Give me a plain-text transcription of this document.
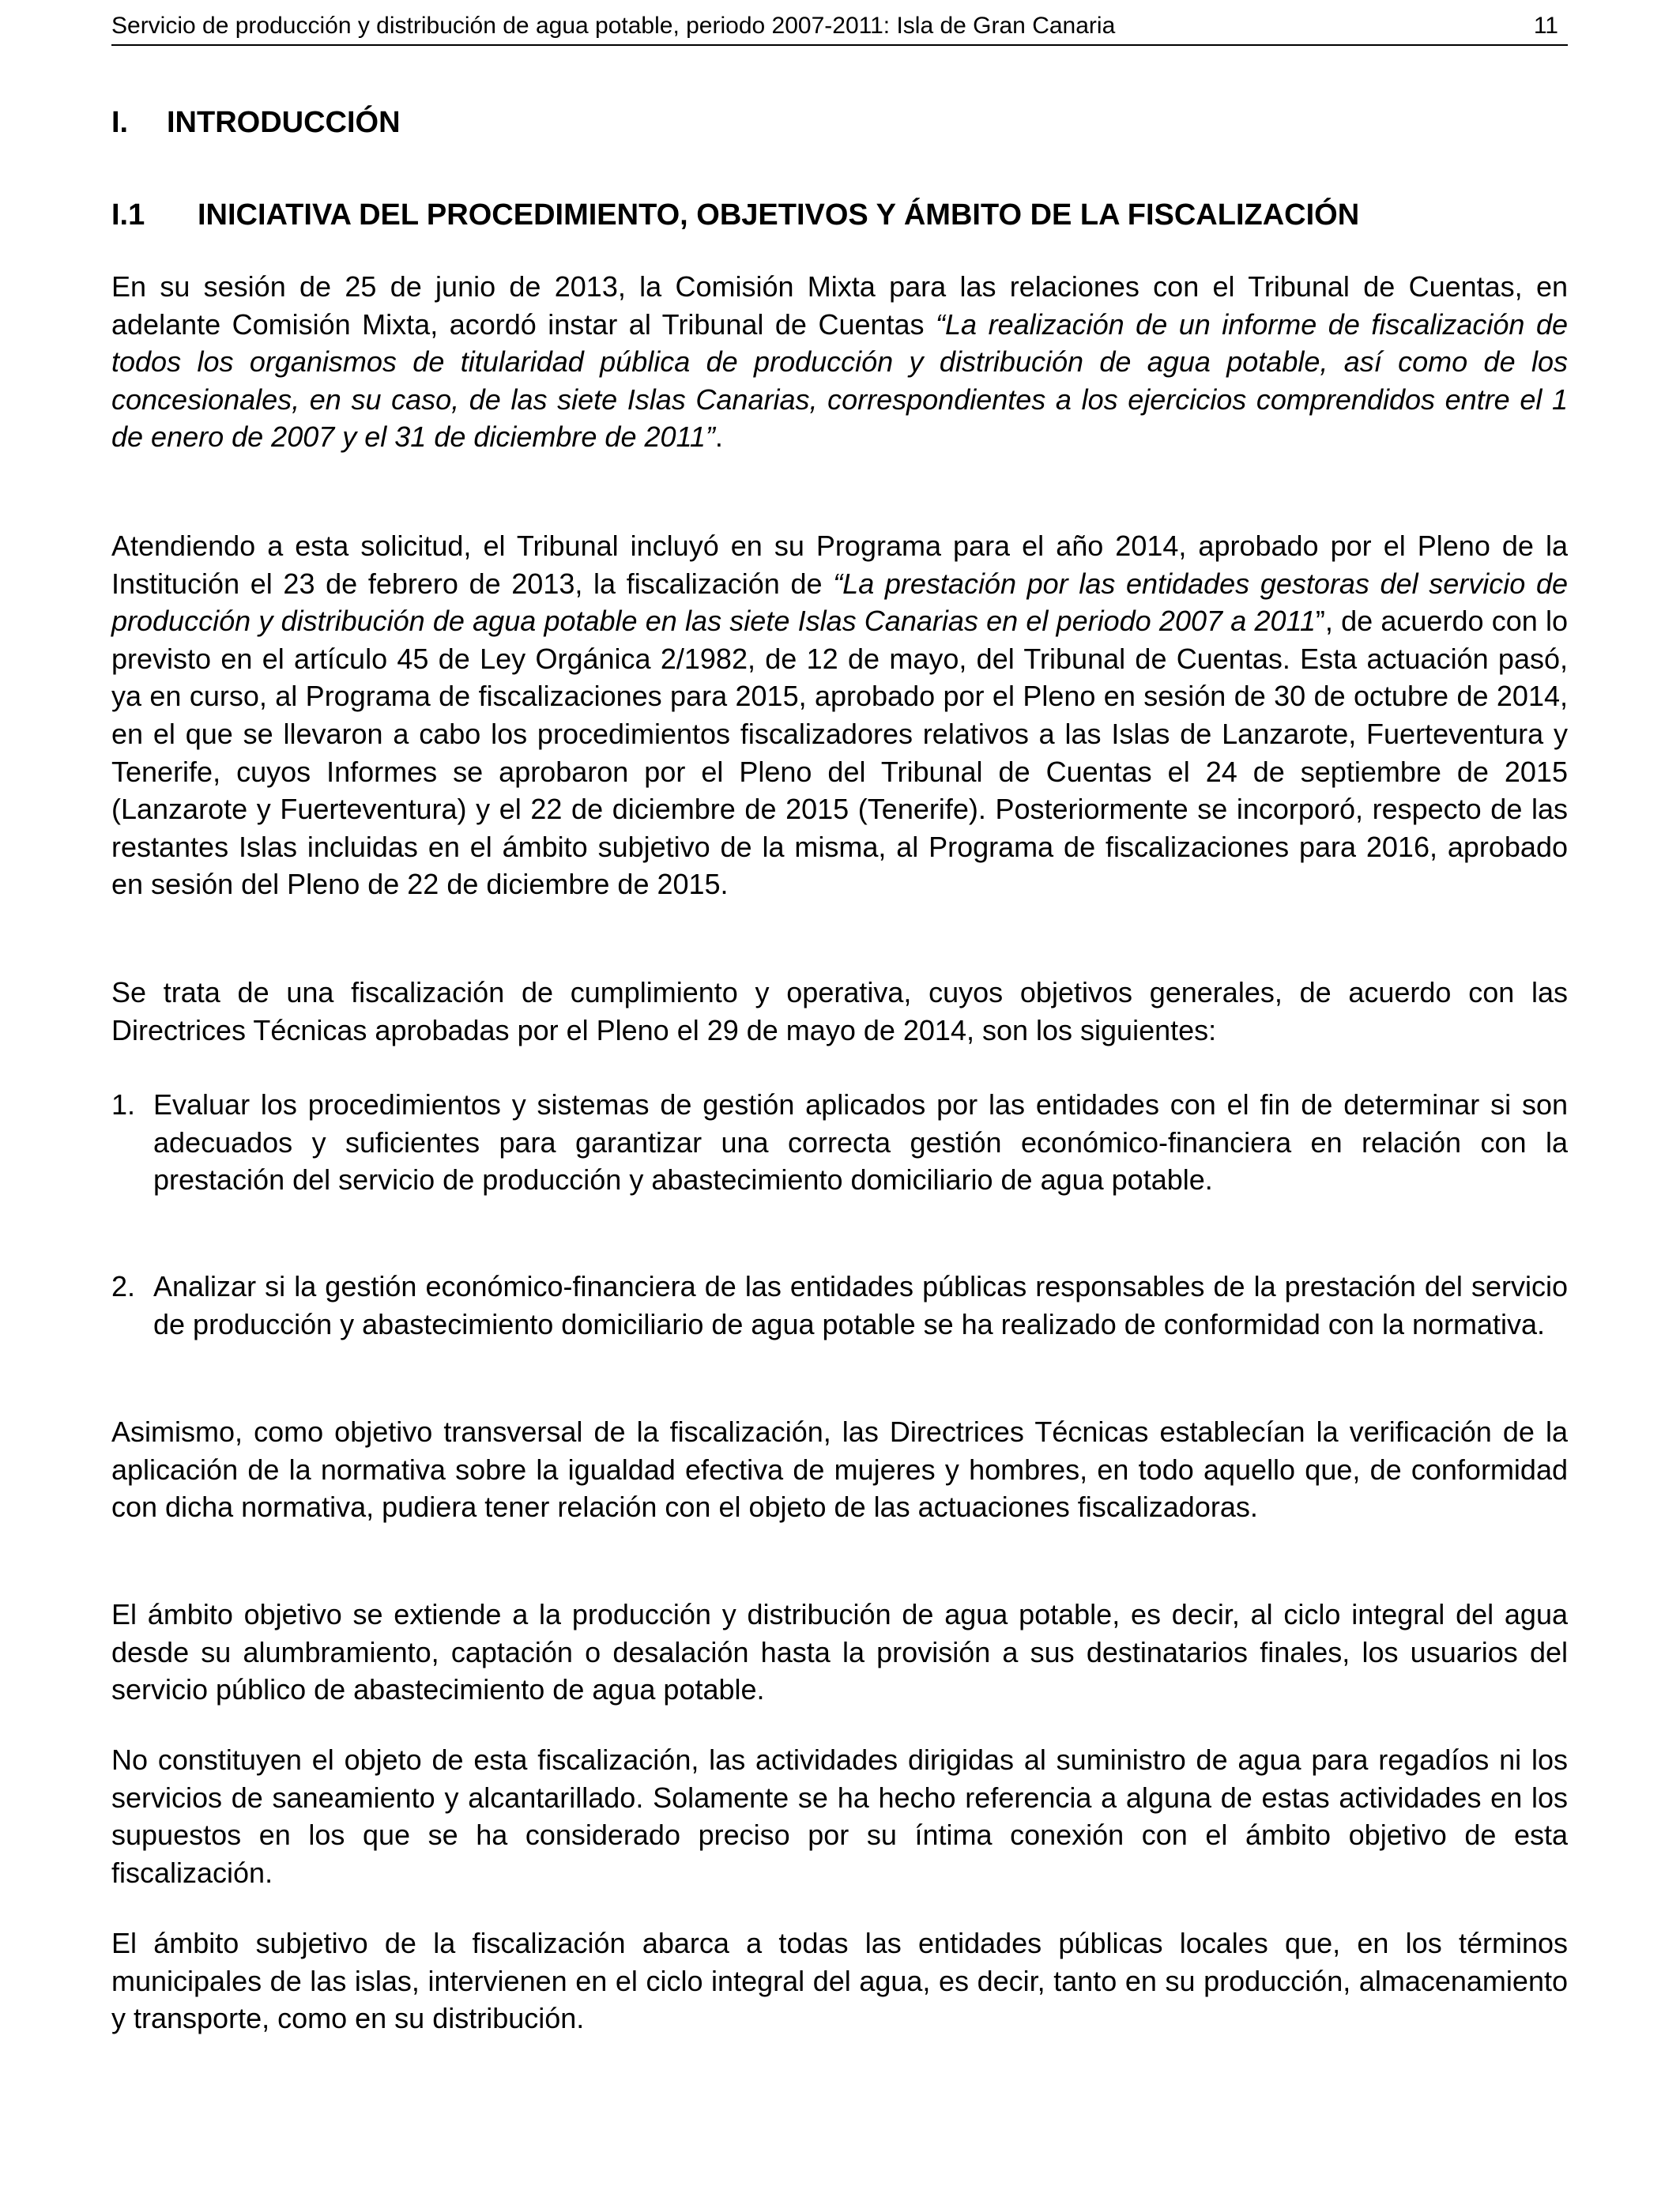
Servicio de producción y distribución de agua potable, periodo 2007-2011: Isla de Gran Canaria	11
I. INTRODUCCIÓN
I.1 INICIATIVA DEL PROCEDIMIENTO, OBJETIVOS Y ÁMBITO DE LA FISCALIZACIÓN

En su sesión de 25 de junio de 2013, la Comisión Mixta para las relaciones con el Tribunal de Cuentas, en adelante Comisión Mixta, acordó instar al Tribunal de Cuentas “La realización de un informe de fiscalización de todos los organismos de titularidad pública de producción y distribución de agua potable, así como de los concesionales, en su caso, de las siete Islas Canarias, correspondientes a los ejercicios comprendidos entre el 1 de enero de 2007 y el 31 de diciembre de 2011”.

Atendiendo a esta solicitud, el Tribunal incluyó en su Programa para el año 2014, aprobado por el Pleno de la Institución el 23 de febrero de 2013, la fiscalización de “La prestación por las entidades gestoras del servicio de producción y distribución de agua potable en las siete Islas Canarias en el periodo 2007 a 2011”, de acuerdo con lo previsto en el artículo 45 de Ley Orgánica 2/1982, de 12 de mayo, del Tribunal de Cuentas. Esta actuación pasó, ya en curso, al Programa de fiscalizaciones para 2015, aprobado por el Pleno en sesión de 30 de octubre de 2014, en el que se llevaron a cabo los procedimientos fiscalizadores relativos a las Islas de Lanzarote, Fuerteventura y Tenerife, cuyos Informes se aprobaron por el Pleno del Tribunal de Cuentas el 24 de septiembre de 2015 (Lanzarote y Fuerteventura) y el 22 de diciembre de 2015 (Tenerife). Posteriormente se incorporó, respecto de las restantes Islas incluidas en el ámbito subjetivo de la misma, al Programa de fiscalizaciones para 2016, aprobado en sesión del Pleno de 22 de diciembre de 2015.

Se trata de una fiscalización de cumplimiento y operativa, cuyos objetivos generales, de acuerdo con las Directrices Técnicas aprobadas por el Pleno el 29 de mayo de 2014, son los siguientes:

1. Evaluar los procedimientos y sistemas de gestión aplicados por las entidades con el fin de determinar si son adecuados y suficientes para garantizar una correcta gestión económico-financiera en relación con la prestación del servicio de producción y abastecimiento domiciliario de agua potable.
2. Analizar si la gestión económico-financiera de las entidades públicas responsables de la prestación del servicio de producción y abastecimiento domiciliario de agua potable se ha realizado de conformidad con la normativa.

Asimismo, como objetivo transversal de la fiscalización, las Directrices Técnicas establecían la verificación de la aplicación de la normativa sobre la igualdad efectiva de mujeres y hombres, en todo aquello que, de conformidad con dicha normativa, pudiera tener relación con el objeto de las actuaciones fiscalizadoras.

El ámbito objetivo se extiende a la producción y distribución de agua potable, es decir, al ciclo integral del agua desde su alumbramiento, captación o desalación hasta la provisión a sus destinatarios finales, los usuarios del servicio público de abastecimiento de agua potable.

No constituyen el objeto de esta fiscalización, las actividades dirigidas al suministro de agua para regadíos ni los servicios de saneamiento y alcantarillado. Solamente se ha hecho referencia a alguna de estas actividades en los supuestos en los que se ha considerado preciso por su íntima conexión con el ámbito objetivo de esta fiscalización.

El ámbito subjetivo de la fiscalización abarca a todas las entidades públicas locales que, en los términos municipales de las islas, intervienen en el ciclo integral del agua, es decir, tanto en su producción, almacenamiento y transporte, como en su distribución.
